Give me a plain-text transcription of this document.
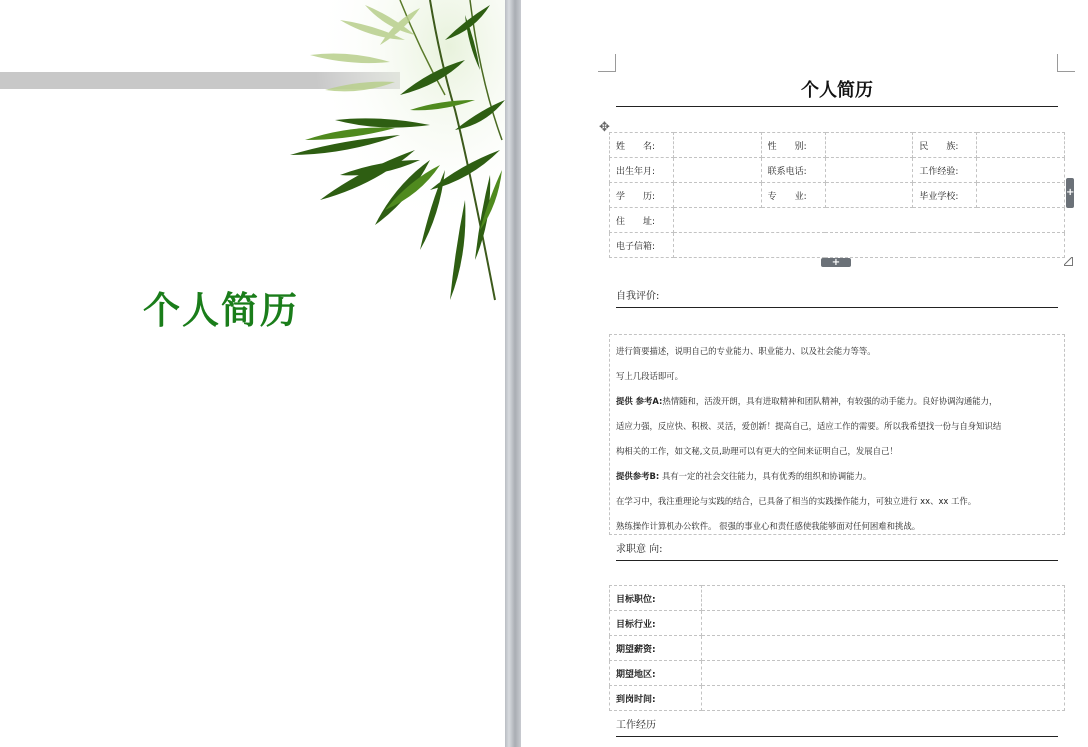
个人简历
个人简历
✥
姓　　名:		性　　别:		民　　族:	
出生年月:		联系电话:		工作经验:	
学　　历:		专　　业:		毕业学校:	
住　　址:					
电子信箱:					
+
+
自我评价:

进行简要描述，说明自己的专业能力、职业能力、以及社会能力等等。

写上几段话即可。

提供 参考A:热情随和，活泼开朗，具有进取精神和团队精神，有较强的动手能力。良好协调沟通能力，

适应力强，反应快、积极、灵活，爱创新！提高自己，适应工作的需要。所以我希望找一份与自身知识结

构相关的工作，如文秘,文员,助理可以有更大的空间来证明自己，发展自己！

提供参考B: 具有一定的社会交往能力，具有优秀的组织和协调能力。

在学习中，我注重理论与实践的结合，已具备了相当的实践操作能力，可独立进行 xx、xx 工作。

熟练操作计算机办公软件。 很强的事业心和责任感使我能够面对任何困难和挑战。

求职意 向:
目标职位:	
目标行业:	
期望薪资:	
期望地区:	
到岗时间:	
工作经历
